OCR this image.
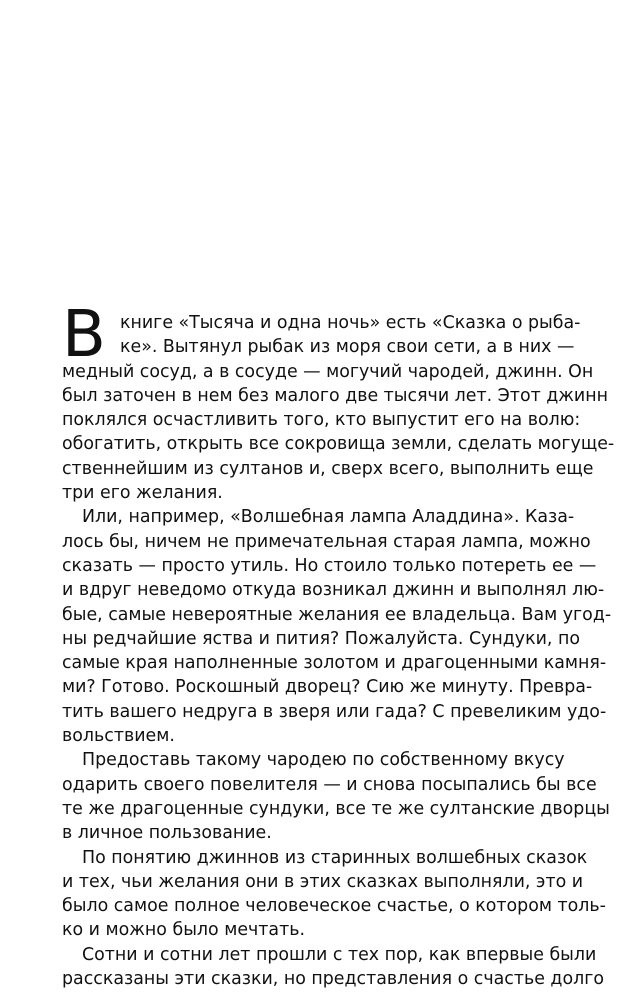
В книге «Тысяча и одна ночь» есть «Сказка о рыба-
ке». Вытянул рыбак из моря свои сети, а в них —
медный сосуд, а в сосуде — могучий чародей, джинн. Он
был заточен в нем без малого две тысячи лет. Этот джинн
поклялся осчастливить того, кто выпустит его на волю:
обогатить, открыть все сокровища земли, сделать могуще-
ственнейшим из султанов и, сверх всего, выполнить еще
три его желания.
Или, например, «Волшебная лампа Аладдина». Каза-
лось бы, ничем не примечательная старая лампа, можно
сказать — просто утиль. Но стоило только потереть ее —
и вдруг неведомо откуда возникал джинн и выполнял лю-
бые, самые невероятные желания ее владельца. Вам угод-
ны редчайшие яства и пития? Пожалуйста. Сундуки, по
самые края наполненные золотом и драгоценными камня-
ми? Готово. Роскошный дворец? Сию же минуту. Превра-
тить вашего недруга в зверя или гада? С превеликим удо-
вольствием.
Предоставь такому чародею по собственному вкусу
одарить своего повелителя — и снова посыпались бы все
те же драгоценные сундуки, все те же султанские дворцы
в личное пользование.
По понятию джиннов из старинных волшебных сказок
и тех, чьи желания они в этих сказках выполняли, это и
было самое полное человеческое счастье, о котором толь-
ко и можно было мечтать.
Сотни и сотни лет прошли с тех пор, как впервые были
рассказаны эти сказки, но представления о счастье долго
